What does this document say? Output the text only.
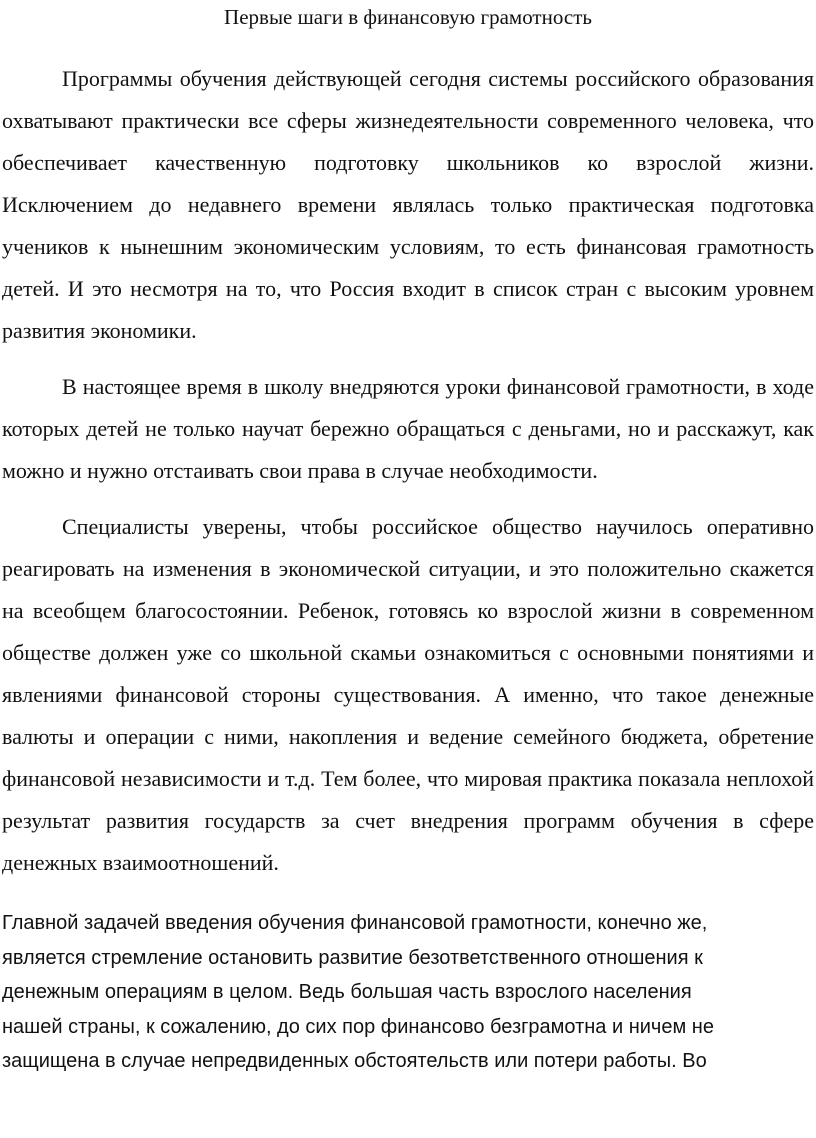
Первые шаги в финансовую грамотность

Программы обучения действующей сегодня системы российского образования охватывают практически все сферы жизнедеятельности современного человека, что обеспечивает качественную подготовку школьников ко взрослой жизни. Исключением до недавнего времени являлась только практическая подготовка учеников к нынешним экономическим условиям, то есть финансовая грамотность детей. И это несмотря на то, что Россия входит в список стран с высоким уровнем развития экономики.

В настоящее время в школу внедряются уроки финансовой грамотности, в ходе которых детей не только научат бережно обращаться с деньгами, но и расскажут, как можно и нужно отстаивать свои права в случае необходимости.

Специалисты уверены, чтобы российское общество научилось оперативно реагировать на изменения в экономической ситуации, и это положительно скажется на всеобщем благосостоянии. Ребенок, готовясь ко взрослой жизни в современном обществе должен уже со школьной скамьи ознакомиться с основными понятиями и явлениями финансовой стороны существования. А именно, что такое денежные валюты и операции с ними, накопления и ведение семейного бюджета, обретение финансовой независимости и т.д. Тем более, что мировая практика показала неплохой результат развития государств за счет внедрения программ обучения в сфере денежных взаимоотношений.

Главной задачей введения обучения финансовой грамотности, конечно же,
является стремление остановить развитие безответственного отношения к
денежным операциям в целом. Ведь большая часть взрослого населения
нашей страны, к сожалению, до сих пор финансово безграмотна и ничем не
защищена в случае непредвиденных обстоятельств или потери работы. Во
